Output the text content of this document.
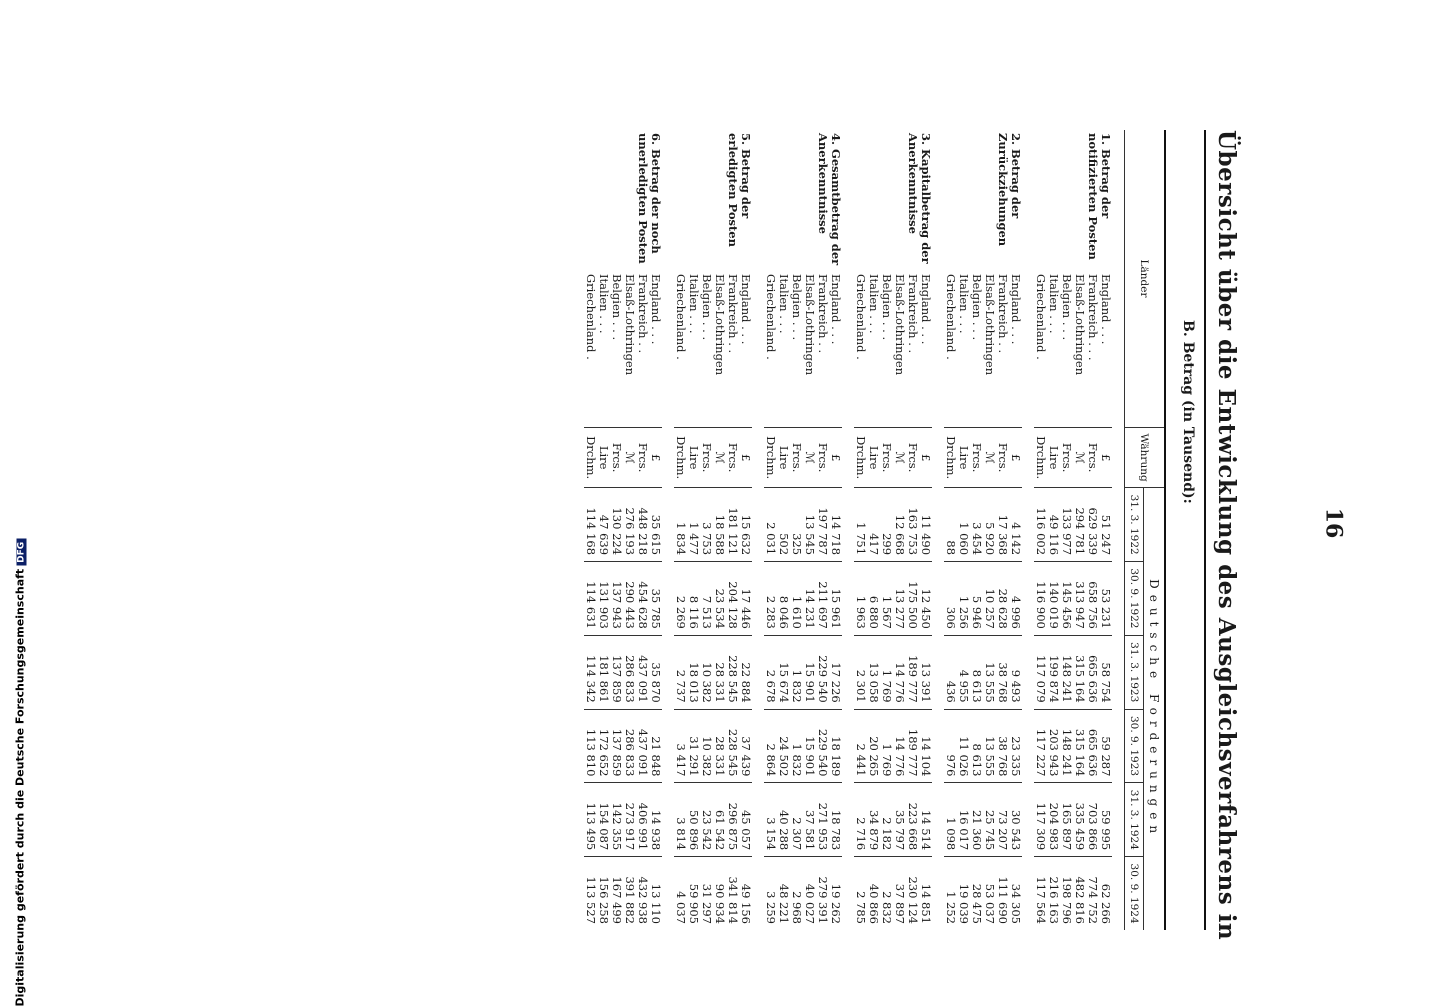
16
Digitalisierung gefördert durch die Deutsche ForschungsgemeinschaftDFG	Übersicht über die Entwicklung des Ausgleichsverfahrens in
B. Betrag (in Tausend):
Länder		Währung	Deutsche Forderungen					
			31. 3. 1922	30. 9. 1922	31. 3. 1923	30. 9. 1923	31. 3. 1924	30. 9. 1924

1. Betrag der notifizierten Posten	England . . .	£	51 247	53 231	58 754	59 287	59 995	62 266
	Frankreich . . .	Frcs.	629 339	658 756	665 636	665 636	703 866	774 752
	Elsaß-Lothringen	ℳ	294 781	313 947	315 164	315 164	335 459	482 816
	Belgien . . .	Frcs.	133 977	145 456	148 241	148 241	165 897	198 796
	Italien . . .	Lire	49 116	140 019	199 874	203 943	204 983	216 163
	Griechenland .	Drchm.	116 002	116 900	117 079	117 227	117 309	117 564

2. Betrag der Zurückziehungen	England . . .	£	4 142	4 996	9 493	23 335	30 543	34 305
	Frankreich . .	Frcs.	17 368	28 628	38 768	38 768	73 207	111 690
	Elsaß-Lothringen	ℳ	5 920	10 257	13 555	13 555	25 745	53 037
	Belgien . . .	Frcs.	3 454	5 946	8 613	8 613	21 360	28 475
	Italien . . .	Lire	1 060	1 256	4 955	11 026	16 017	19 039
	Griechenland .	Drchm.	88	306	436	976	1 098	1 252

3. Kapitalbetrag der Anerkenntnisse	England . . .	£	11 490	12 450	13 391	14 104	14 514	14 851
	Frankreich . .	Frcs.	163 753	175 500	189 777	189 777	223 668	230 124
	Elsaß-Lothringen	ℳ	12 668	13 277	14 776	14 776	35 797	37 897
	Belgien . . .	Frcs.	299	1 567	1 769	1 769	2 182	2 832
	Italien . . .	Lire	417	6 880	13 058	20 265	34 879	40 866
	Griechenland .	Drchm.	1 751	1 963	2 301	2 441	2 716	2 785

4. Gesamtbetrag der Anerkenntnisse	England . . .	£	14 718	15 961	17 226	18 189	18 783	19 262
	Frankreich . .	Frcs.	197 787	211 697	229 540	229 540	271 953	279 391
	Elsaß-Lothringen	ℳ	13 545	14 231	15 901	15 901	37 581	40 027
	Belgien . . .	Frcs.	325	1 610	1 832	1 832	2 307	2 968
	Italien . . .	Lire	502	8 046	15 674	24 502	40 288	48 221
	Griechenland .	Drchm.	2 031	2 283	2 678	2 864	3 154	3 259

5. Betrag der erledigten Posten	England . . .	£	15 632	17 446	22 884	37 439	45 057	49 156
	Frankreich . .	Frcs.	181 121	204 128	228 545	228 545	296 875	341 814
	Elsaß-Lothringen	ℳ	18 588	23 534	28 331	28 331	61 542	90 934
	Belgien . . .	Frcs.	3 753	7 513	10 382	10 382	23 542	31 297
	Italien . . .	Lire	1 477	8 116	18 013	31 291	50 896	59 905
	Griechenland .	Drchm.	1 834	2 269	2 737	3 417	3 814	4 037

6. Betrag der noch unerledigten Posten	England . . .	£	35 615	35 785	35 870	21 848	14 938	13 110
	Frankreich . .	Frcs.	448 218	454 628	437 091	437 091	406 991	432 938
	Elsaß-Lothringen	ℳ	276 193	290 443	286 833	286 833	273 917	391 882
	Belgien . . .	Frcs.	130 224	137 943	137 859	137 859	142 355	167 499
	Italien . . .	Lire	47 639	131 903	181 861	172 652	154 087	156 258
	Griechenland .	Drchm.	114 168	114 631	114 342	113 810	113 495	113 527
